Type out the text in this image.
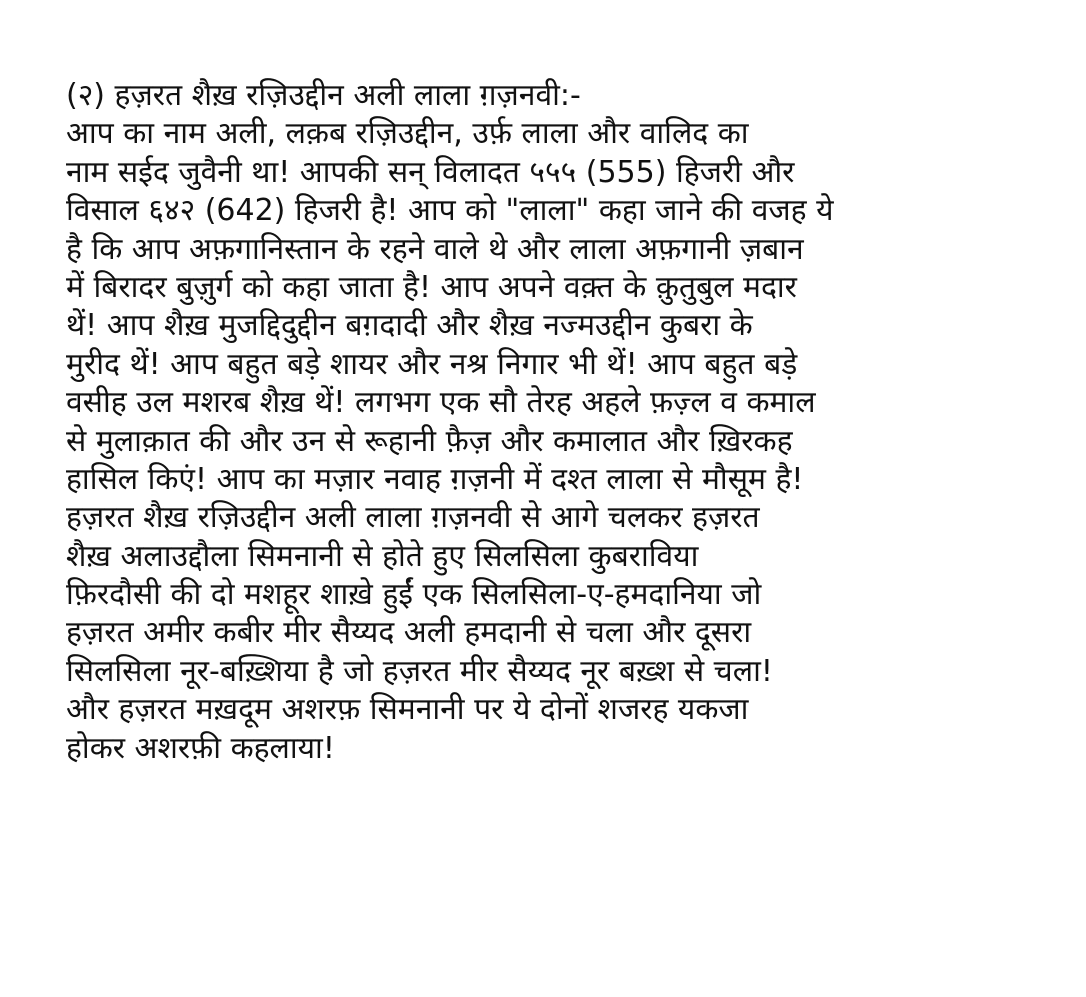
(२) हज़रत शैख़ रज़िउद्दीन अली लाला ग़ज़नवी:-
आप का नाम अली, लक़ब रज़िउद्दीन, उर्फ़ लाला और वालिद का
नाम सईद जुवैनी था! आपकी सन् विलादत ५५५ (555) हिजरी और
विसाल ६४२ (642) हिजरी है! आप को "लाला" कहा जाने की वजह ये
है कि आप अफ़गानिस्तान के रहने वाले थे और लाला अफ़गानी ज़बान
में बिरादर बुज़ुर्ग को कहा जाता है! आप अपने वक़्त के क़ुतुबुल मदार
थें! आप शैख़ मुजद्दिदुद्दीन बग़दादी और शैख़ नज्मउद्दीन कुबरा के
मुरीद थें! आप बहुत बड़े शायर और नश्र निगार भी थें! आप बहुत बड़े
वसीह उल मशरब शैख़ थें! लगभग एक सौ तेरह अहले फ़ज़्ल व कमाल
से मुलाक़ात की और उन से रूहानी फ़ैज़ और कमालात और ख़िरकह
हासिल किएं! आप का मज़ार नवाह ग़ज़नी में दश्त लाला से मौसूम है!
हज़रत शैख़ रज़िउद्दीन अली लाला ग़ज़नवी से आगे चलकर हज़रत
शैख़ अलाउद्दौला सिमनानी से होते हुए सिलसिला कुबराविया
फ़िरदौसी की दो मशहूर शाख़े हुईं एक सिलसिला-ए-हमदानिया जो
हज़रत अमीर कबीर मीर सैय्यद अली हमदानी से चला और दूसरा
सिलसिला नूर-बख़्शिया है जो हज़रत मीर सैय्यद नूर बख़्श से चला!
और हज़रत मख़दूम अशरफ़ सिमनानी पर ये दोनों शजरह यकजा
होकर अशरफ़ी कहलाया!
